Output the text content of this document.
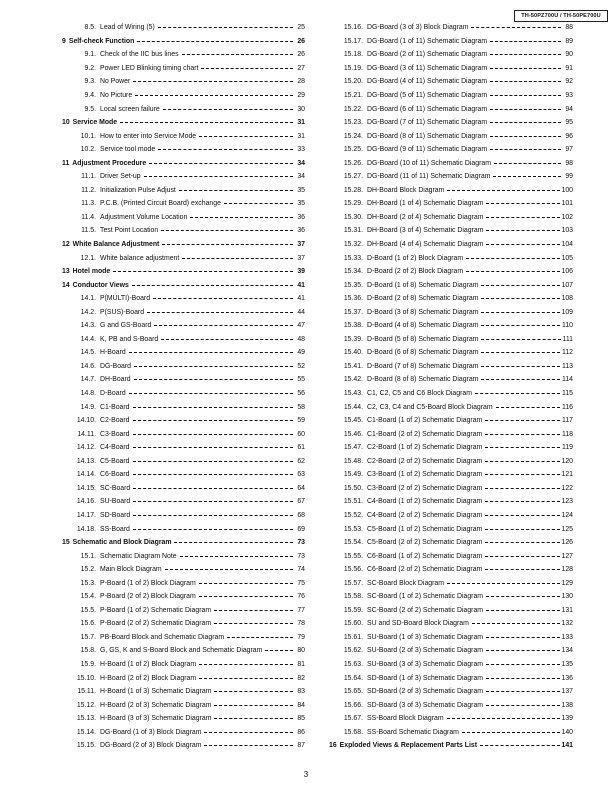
TH-50PZ700U / TH-50PE700U
8.5. Lead of Wiring (5)	25
9 Self-check Function	26
9.1. Check of the IIC bus lines	26
9.2. Power LED Blinking timing chart	27
9.3. No Power	28
9.4. No Picture	29
9.5. Local screen failure	30
10 Service Mode	31
10.1. How to enter into Service Mode	31
10.2. Service tool mode	33
11 Adjustment Procedure	34
11.1. Driver Set-up	34
11.2. Initialization Pulse Adjust	35
11.3. P.C.B. (Printed Circuit Board) exchange	35
11.4. Adjustment Volume Location	36
11.5. Test Point Location	36
12 White Balance Adjustment	37
12.1. White balance adjustment	37
13 Hotel mode	39
14 Conductor Views	41
14.1. P(MULTI)-Board	41
14.2. P(SUS)-Board	44
14.3. G and GS-Board	47
14.4. K, PB and S-Board	48
14.5. H-Board	49
14.6. DG-Board	52
14.7. DH-Board	55
14.8. D-Board	56
14.9. C1-Board	58
14.10. C2-Board	59
14.11. C3-Board	60
14.12. C4-Board	61
14.13. C5-Board	62
14.14. C6-Board	63
14.15. SC-Board	64
14.16. SU-Board	67
14.17. SD-Board	68
14.18. SS-Board	69
15 Schematic and Block Diagram	73
15.1. Schematic Diagram Note	73
15.2. Main Block Diagram	74
15.3. P-Board (1 of 2) Block Diagram	75
15.4. P-Board (2 of 2) Block Diagram	76
15.5. P-Board (1 of 2) Schematic Diagram	77
15.6. P-Board (2 of 2) Schematic Diagram	78
15.7. PB-Board Block and Schematic Diagram	79
15.8. G, GS, K and S-Board Block and Schematic Diagram	80
15.9. H-Board (1 of 2) Block Diagram	81
15.10. H-Board (2 of 2) Block Diagram	82
15.11. H-Board (1 of 3) Schematic Diagram	83
15.12. H-Board (2 of 3) Schematic Diagram	84
15.13. H-Board (3 of 3) Schematic Diagram	85
15.14. DG-Board (1 of 3) Block Diagram	86
15.15. DG-Board (2 of 3) Block Diagram	87
15.16. DG-Board (3 of 3) Block Diagram	88
15.17. DG-Board (1 of 11) Schematic Diagram	89
15.18. DG-Board (2 of 11) Schematic Diagram	90
15.19. DG-Board (3 of 11) Schematic Diagram	91
15.20. DG-Board (4 of 11) Schematic Diagram	92
15.21. DG-Board (5 of 11) Schematic Diagram	93
15.22. DG-Board (6 of 11) Schematic Diagram	94
15.23. DG-Board (7 of 11) Schematic Diagram	95
15.24. DG-Board (8 of 11) Schematic Diagram	96
15.25. DG-Board (9 of 11) Schematic Diagram	97
15.26. DG-Board (10 of 11) Schematic Diagram	98
15.27. DG-Board (11 of 11) Schematic Diagram	99
15.28. DH-Board Block Diagram	100
15.29. DH-Board (1 of 4) Schematic Diagram	101
15.30. DH-Board (2 of 4) Schematic Diagram	102
15.31. DH-Board (3 of 4) Schematic Diagram	103
15.32. DH-Board (4 of 4) Schematic Diagram	104
15.33. D-Board (1 of 2) Block Diagram	105
15.34. D-Board (2 of 2) Block Diagram	106
15.35. D-Board (1 of 8) Schematic Diagram	107
15.36. D-Board (2 of 8) Schematic Diagram	108
15.37. D-Board (3 of 8) Schematic Diagram	109
15.38. D-Board (4 of 8) Schematic Diagram	110
15.39. D-Board (5 of 8) Schematic Diagram	111
15.40. D-Board (6 of 8) Schematic Diagram	112
15.41. D-Board (7 of 8) Schematic Diagram	113
15.42. D-Board (8 of 8) Schematic Diagram	114
15.43. C1, C2, C5 and C6 Block Diagram	115
15.44. C2, C3, C4 and C5-Board Block Diagram	116
15.45. C1-Board (1 of 2) Schematic Diagram	117
15.46. C1-Board (2 of 2) Schematic Diagram	118
15.47. C2-Board (1 of 2) Schematic Diagram	119
15.48. C2-Board (2 of 2) Schematic Diagram	120
15.49. C3-Board (1 of 2) Schematic Diagram	121
15.50. C3-Board (2 of 2) Schematic Diagram	122
15.51. C4-Board (1 of 2) Schematic Diagram	123
15.52. C4-Board (2 of 2) Schematic Diagram	124
15.53. C5-Board (1 of 2) Schematic Diagram	125
15.54. C5-Board (2 of 2) Schematic Diagram	126
15.55. C6-Board (1 of 2) Schematic Diagram	127
15.56. C6-Board (2 of 2) Schematic Diagram	128
15.57. SC-Board Block Diagram	129
15.58. SC-Board (1 of 2) Schematic Diagram	130
15.59. SC-Board (2 of 2) Schematic Diagram	131
15.60. SU and SD-Board Block Diagram	132
15.61. SU-Board (1 of 3) Schematic Diagram	133
15.62. SU-Board (2 of 3) Schematic Diagram	134
15.63. SU-Board (3 of 3) Schematic Diagram	135
15.64. SD-Board (1 of 3) Schematic Diagram	136
15.65. SD-Board (2 of 3) Schematic Diagram	137
15.66. SD-Board (3 of 3) Schematic Diagram	138
15.67. SS-Board Block Diagram	139
15.68. SS-Board Schematic Diagram	140
16 Exploded Views & Replacement Parts List	141
3
